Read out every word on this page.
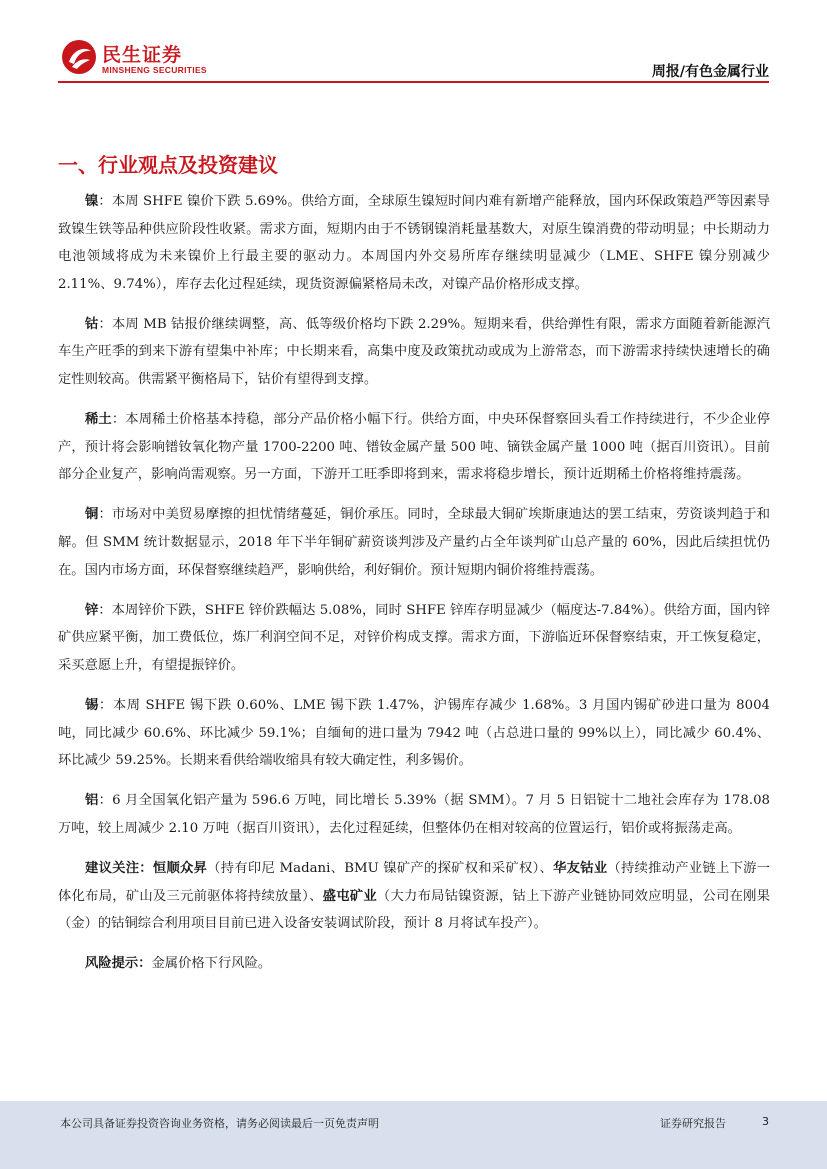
民生证券
MINSHENG SECURITIES	周报/有色金属行业
一、行业观点及投资建议

镍：本周 SHFE 镍价下跌 5.69%。供给方面，全球原生镍短时间内难有新增产能释放，国内环保政策趋严等因素导致镍生铁等品种供应阶段性收紧。需求方面，短期内由于不锈钢镍消耗量基数大，对原生镍消费的带动明显；中长期动力电池领域将成为未来镍价上行最主要的驱动力。本周国内外交易所库存继续明显减少（LME、SHFE 镍分别减少 2.11%、9.74%），库存去化过程延续，现货资源偏紧格局未改，对镍产品价格形成支撑。

钴：本周 MB 钴报价继续调整，高、低等级价格均下跌 2.29%。短期来看，供给弹性有限，需求方面随着新能源汽车生产旺季的到来下游有望集中补库；中长期来看，高集中度及政策扰动或成为上游常态，而下游需求持续快速增长的确定性则较高。供需紧平衡格局下，钴价有望得到支撑。

稀土：本周稀土价格基本持稳，部分产品价格小幅下行。供给方面，中央环保督察回头看工作持续进行，不少企业停产，预计将会影响镨钕氧化物产量 1700-2200 吨、镨钕金属产量 500 吨、镝铁金属产量 1000 吨（据百川资讯）。目前部分企业复产，影响尚需观察。另一方面，下游开工旺季即将到来，需求将稳步增长，预计近期稀土价格将维持震荡。

铜：市场对中美贸易摩擦的担忧情绪蔓延，铜价承压。同时，全球最大铜矿埃斯康迪达的罢工结束，劳资谈判趋于和解。但 SMM 统计数据显示，2018 年下半年铜矿薪资谈判涉及产量约占全年谈判矿山总产量的 60%，因此后续担忧仍在。国内市场方面，环保督察继续趋严，影响供给，利好铜价。预计短期内铜价将维持震荡。

锌：本周锌价下跌，SHFE 锌价跌幅达 5.08%，同时 SHFE 锌库存明显减少（幅度达-7.84%）。供给方面，国内锌矿供应紧平衡，加工费低位，炼厂利润空间不足，对锌价构成支撑。需求方面，下游临近环保督察结束，开工恢复稳定，采买意愿上升，有望提振锌价。

锡：本周 SHFE 锡下跌 0.60%、LME 锡下跌 1.47%，沪锡库存减少 1.68%。3 月国内锡矿砂进口量为 8004 吨，同比减少 60.6%、环比减少 59.1%；自缅甸的进口量为 7942 吨（占总进口量的 99%以上），同比减少 60.4%、环比减少 59.25%。长期来看供给端收缩具有较大确定性，利多锡价。

铝：6 月全国氧化铝产量为 596.6 万吨，同比增长 5.39%（据 SMM）。7 月 5 日铝锭十二地社会库存为 178.08 万吨，较上周减少 2.10 万吨（据百川资讯），去化过程延续，但整体仍在相对较高的位置运行，铝价或将振荡走高。

建议关注：恒顺众昇（持有印尼 Madani、BMU 镍矿产的探矿权和采矿权）、华友钴业（持续推动产业链上下游一体化布局，矿山及三元前驱体将持续放量）、盛屯矿业（大力布局钴镍资源，钴上下游产业链协同效应明显，公司在刚果（金）的钴铜综合利用项目目前已进入设备安装调试阶段，预计 8 月将试车投产）。

风险提示：金属价格下行风险。

本公司具备证券投资咨询业务资格，请务必阅读最后一页免责声明	证券研究报告	3
